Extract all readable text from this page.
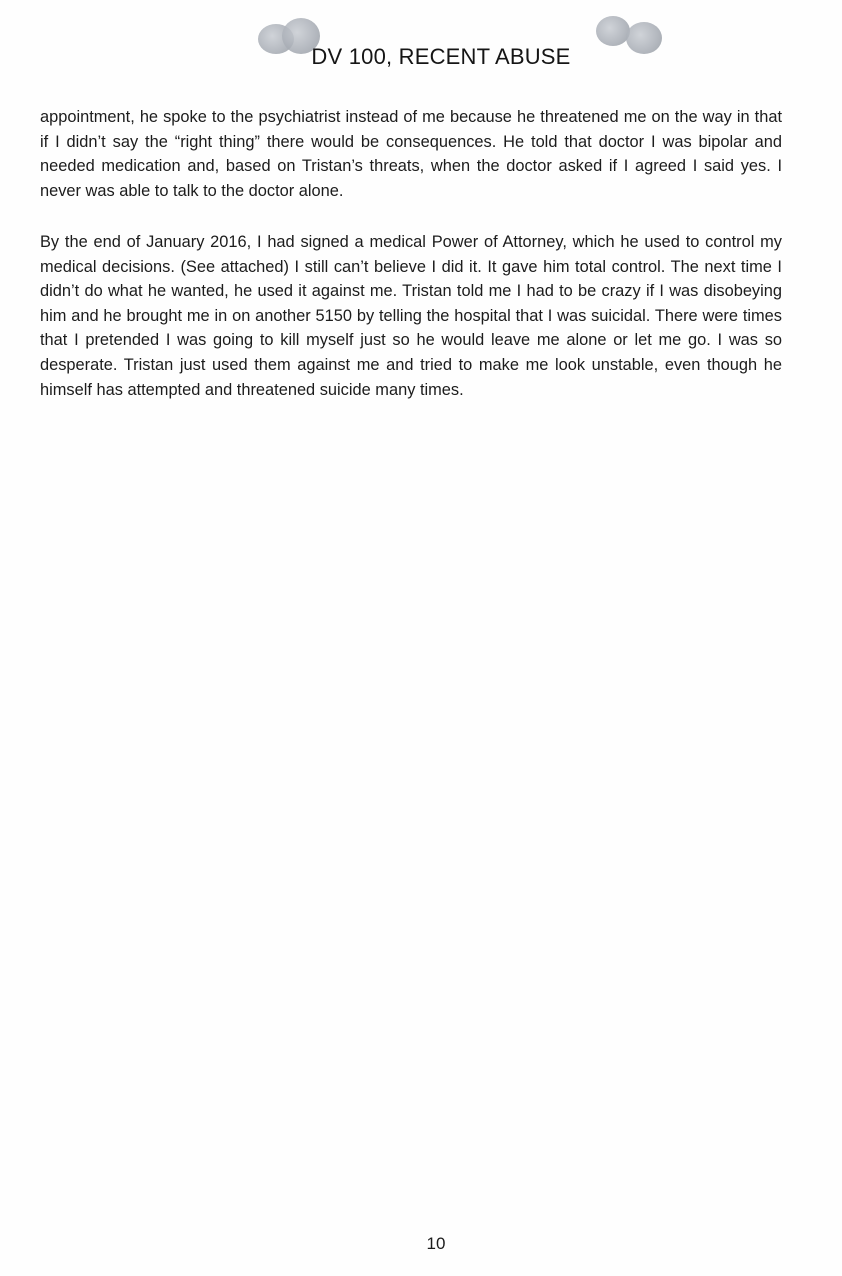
DV 100, RECENT ABUSE

appointment, he spoke to the psychiatrist instead of me because he threatened me on the way in that if I didn’t say the “right thing” there would be consequences. He told that doctor I was bipolar and needed medication and, based on Tristan’s threats, when the doctor asked if I agreed I said yes. I never was able to talk to the doctor alone.

By the end of January 2016, I had signed a medical Power of Attorney, which he used to control my medical decisions. (See attached) I still can’t believe I did it. It gave him total control. The next time I didn’t do what he wanted, he used it against me. Tristan told me I had to be crazy if I was disobeying him and he brought me in on another 5150 by telling the hospital that I was suicidal. There were times that I pretended I was going to kill myself just so he would leave me alone or let me go. I was so desperate. Tristan just used them against me and tried to make me look unstable, even though he himself has attempted and threatened suicide many times.

10
